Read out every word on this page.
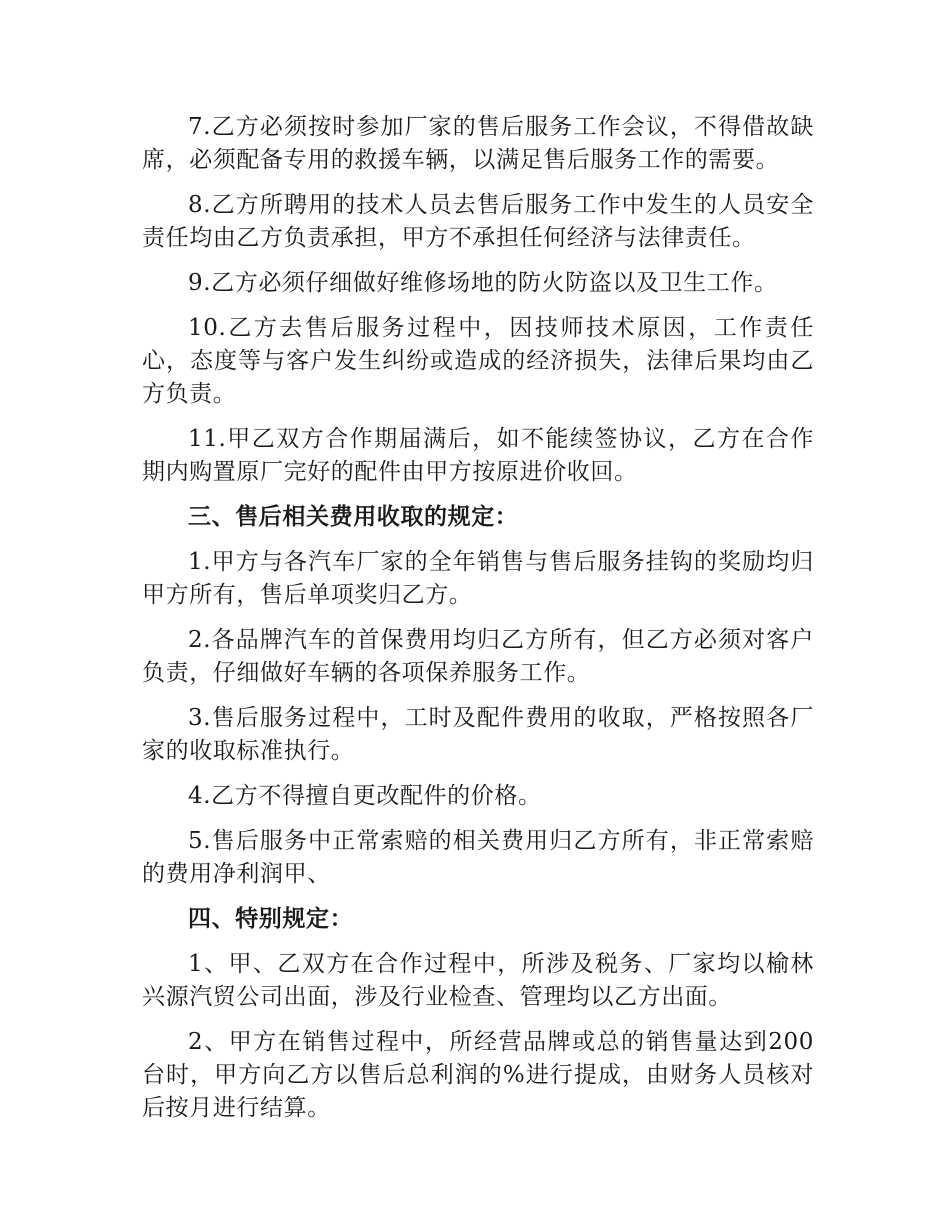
7.乙方必须按时参加厂家的售后服务工作会议，不得借故缺席，必须配备专用的救援车辆，以满足售后服务工作的需要。

8.乙方所聘用的技术人员去售后服务工作中发生的人员安全责任均由乙方负责承担，甲方不承担任何经济与法律责任。

9.乙方必须仔细做好维修场地的防火防盗以及卫生工作。

10.乙方去售后服务过程中，因技师技术原因，工作责任心，态度等与客户发生纠纷或造成的经济损失，法律后果均由乙方负责。

11.甲乙双方合作期届满后，如不能续签协议，乙方在合作期内购置原厂完好的配件由甲方按原进价收回。

三、售后相关费用收取的规定：

1.甲方与各汽车厂家的全年销售与售后服务挂钩的奖励均归甲方所有，售后单项奖归乙方。

2.各品牌汽车的首保费用均归乙方所有，但乙方必须对客户负责，仔细做好车辆的各项保养服务工作。

3.售后服务过程中，工时及配件费用的收取，严格按照各厂家的收取标准执行。

4.乙方不得擅自更改配件的价格。

5.售后服务中正常索赔的相关费用归乙方所有，非正常索赔的费用净利润甲、

四、特别规定：

1、甲、乙双方在合作过程中，所涉及税务、厂家均以榆林兴源汽贸公司出面，涉及行业检查、管理均以乙方出面。

2、甲方在销售过程中，所经营品牌或总的销售量达到200台时，甲方向乙方以售后总利润的%进行提成，由财务人员核对后按月进行结算。
